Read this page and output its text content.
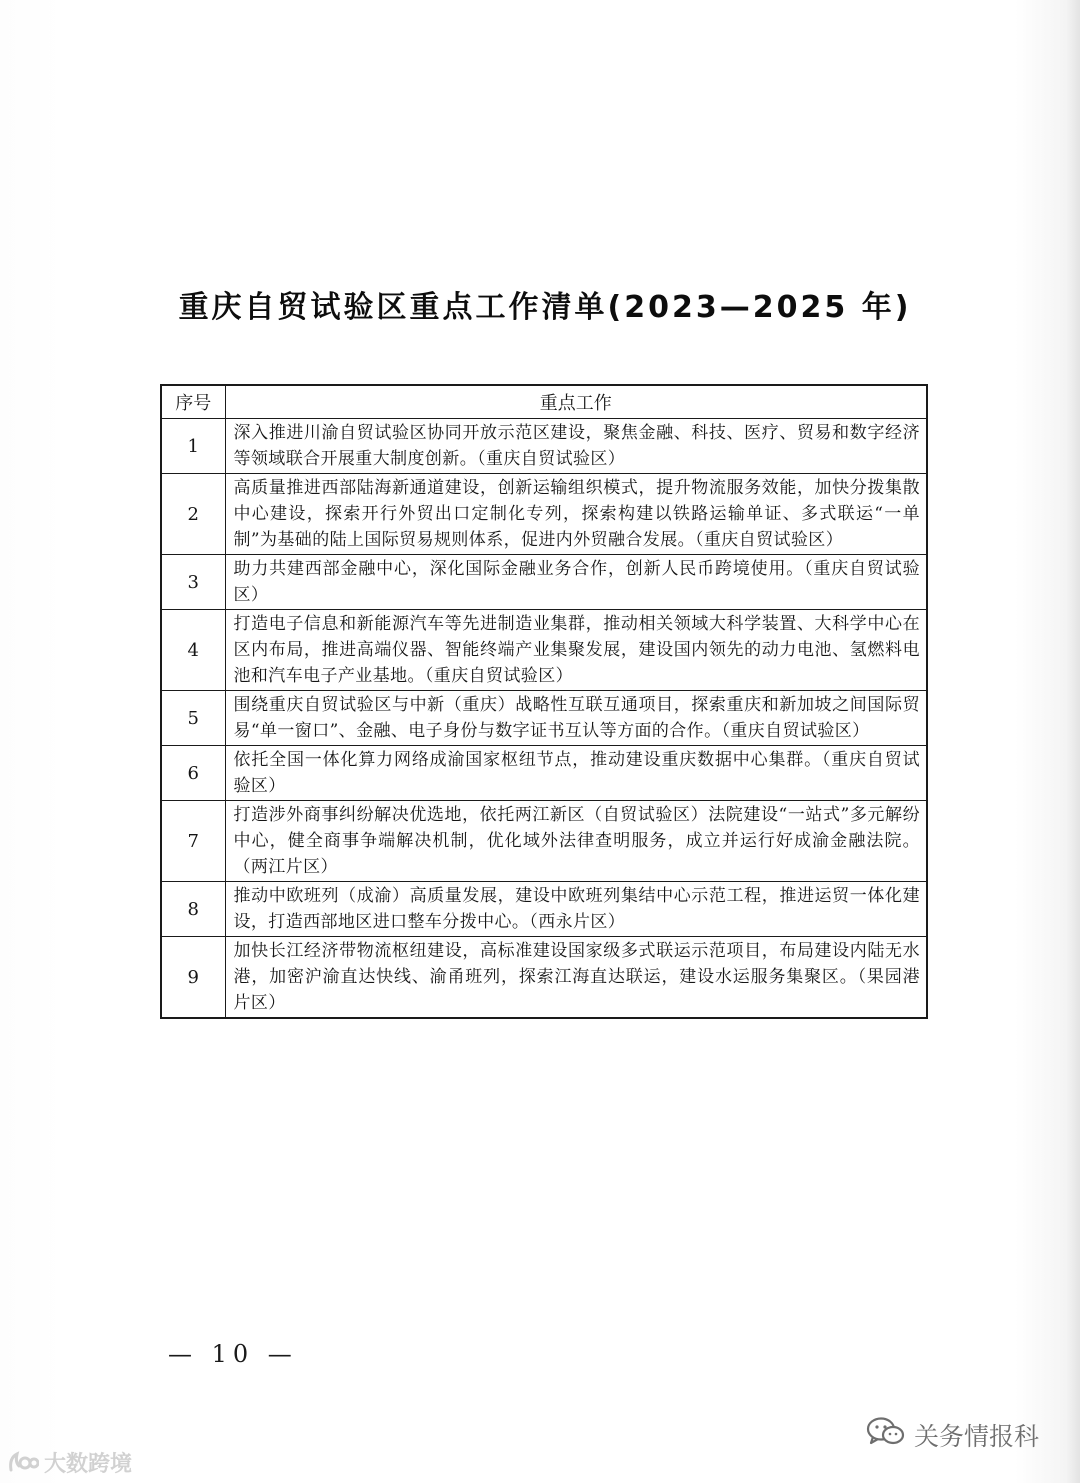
重庆自贸试验区重点工作清单(2023—2025 年)
序号	重点工作
1	深入推进川渝自贸试验区协同开放示范区建设，聚焦金融、科技、医疗、贸易和数字经济等领域联合开展重大制度创新。（重庆自贸试验区）
2	高质量推进西部陆海新通道建设，创新运输组织模式，提升物流服务效能，加快分拨集散中心建设，探索开行外贸出口定制化专列，探索构建以铁路运输单证、多式联运“一单制”为基础的陆上国际贸易规则体系，促进内外贸融合发展。（重庆自贸试验区）
3	助力共建西部金融中心，深化国际金融业务合作，创新人民币跨境使用。（重庆自贸试验区）
4	打造电子信息和新能源汽车等先进制造业集群，推动相关领域大科学装置、大科学中心在区内布局，推进高端仪器、智能终端产业集聚发展，建设国内领先的动力电池、氢燃料电池和汽车电子产业基地。（重庆自贸试验区）
5	围绕重庆自贸试验区与中新（重庆）战略性互联互通项目，探索重庆和新加坡之间国际贸易“单一窗口”、金融、电子身份与数字证书互认等方面的合作。（重庆自贸试验区）
6	依托全国一体化算力网络成渝国家枢纽节点，推动建设重庆数据中心集群。（重庆自贸试验区）
7	打造涉外商事纠纷解决优选地，依托两江新区（自贸试验区）法院建设“一站式”多元解纷中心，健全商事争端解决机制，优化域外法律查明服务，成立并运行好成渝金融法院。（两江片区）
8	推动中欧班列（成渝）高质量发展，建设中欧班列集结中心示范工程，推进运贸一体化建设，打造西部地区进口整车分拨中心。（西永片区）
9	加快长江经济带物流枢纽建设，高标准建设国家级多式联运示范项目，布局建设内陆无水港，加密沪渝直达快线、渝甬班列，探索江海直达联运，建设水运服务集聚区。（果园港片区）
— 10 —
大数跨境
关务情报科
